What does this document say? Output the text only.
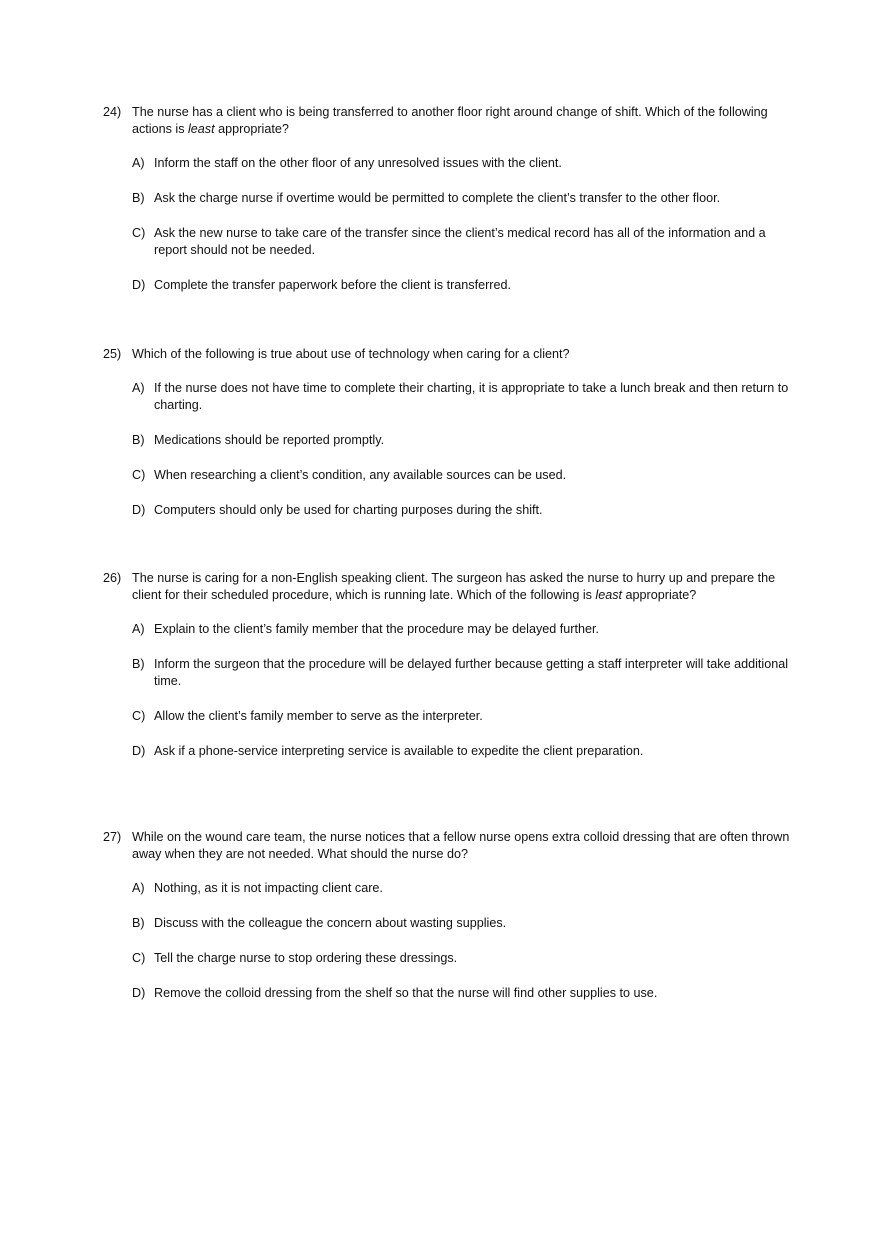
24) The nurse has a client who is being transferred to another floor right around change of shift. Which of the following actions is least appropriate?
A) Inform the staff on the other floor of any unresolved issues with the client.
B) Ask the charge nurse if overtime would be permitted to complete the client’s transfer to the other floor.
C) Ask the new nurse to take care of the transfer since the client’s medical record has all of the information and a report should not be needed.
D) Complete the transfer paperwork before the client is transferred.
25) Which of the following is true about use of technology when caring for a client?
A) If the nurse does not have time to complete their charting, it is appropriate to take a lunch break and then return to charting.
B) Medications should be reported promptly.
C) When researching a client’s condition, any available sources can be used.
D) Computers should only be used for charting purposes during the shift.
26) The nurse is caring for a non-English speaking client. The surgeon has asked the nurse to hurry up and prepare the client for their scheduled procedure, which is running late. Which of the following is least appropriate?
A) Explain to the client’s family member that the procedure may be delayed further.
B) Inform the surgeon that the procedure will be delayed further because getting a staff interpreter will take additional time.
C) Allow the client’s family member to serve as the interpreter.
D) Ask if a phone-service interpreting service is available to expedite the client preparation.
27) While on the wound care team, the nurse notices that a fellow nurse opens extra colloid dressing that are often thrown away when they are not needed. What should the nurse do?
A) Nothing, as it is not impacting client care.
B) Discuss with the colleague the concern about wasting supplies.
C) Tell the charge nurse to stop ordering these dressings.
D) Remove the colloid dressing from the shelf so that the nurse will find other supplies to use.
